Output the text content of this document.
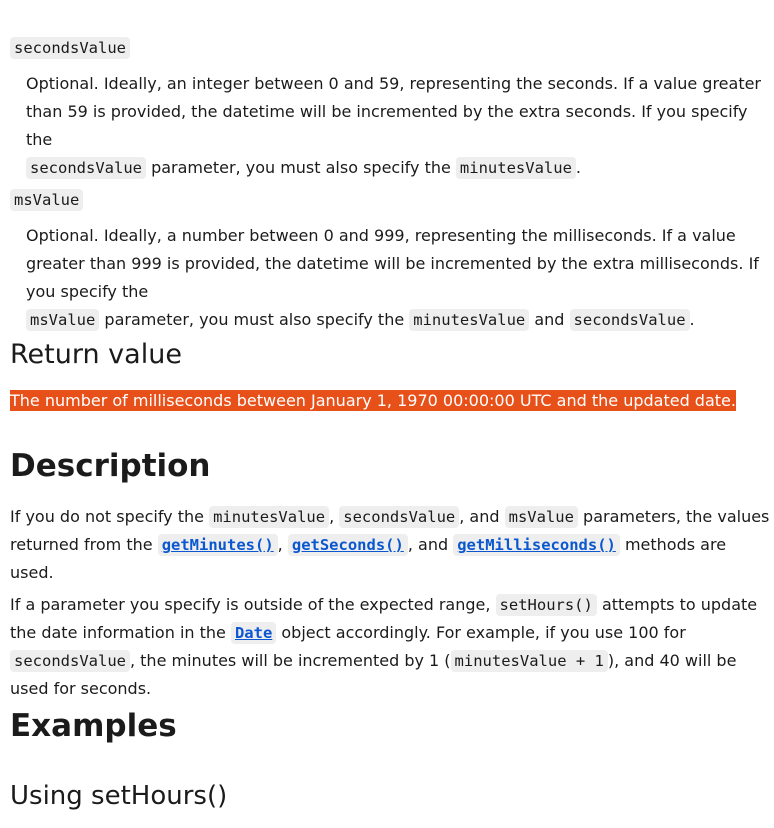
secondsValue
Optional. Ideally, an integer between 0 and 59, representing the seconds. If a value greater than 59 is provided, the datetime will be incremented by the extra seconds. If you specify the
secondsValue parameter, you must also specify the minutesValue .
msValue
Optional. Ideally, a number between 0 and 999, representing the milliseconds. If a value greater than 999 is provided, the datetime will be incremented by the extra milliseconds. If you specify the
msValue parameter, you must also specify the minutesValue and secondsValue .
Return value
The number of milliseconds between January 1, 1970 00:00:00 UTC and the updated date.
Description
If you do not specify the minutesValue , secondsValue , and msValue parameters, the values returned from the getMinutes() , getSeconds() , and getMilliseconds() methods are used.
If a parameter you specify is outside of the expected range, setHours() attempts to update the date information in the Date object accordingly. For example, if you use 100 for secondsValue , the minutes will be incremented by 1 ( minutesValue + 1 ), and 40 will be used for seconds.
Examples
Using setHours()
